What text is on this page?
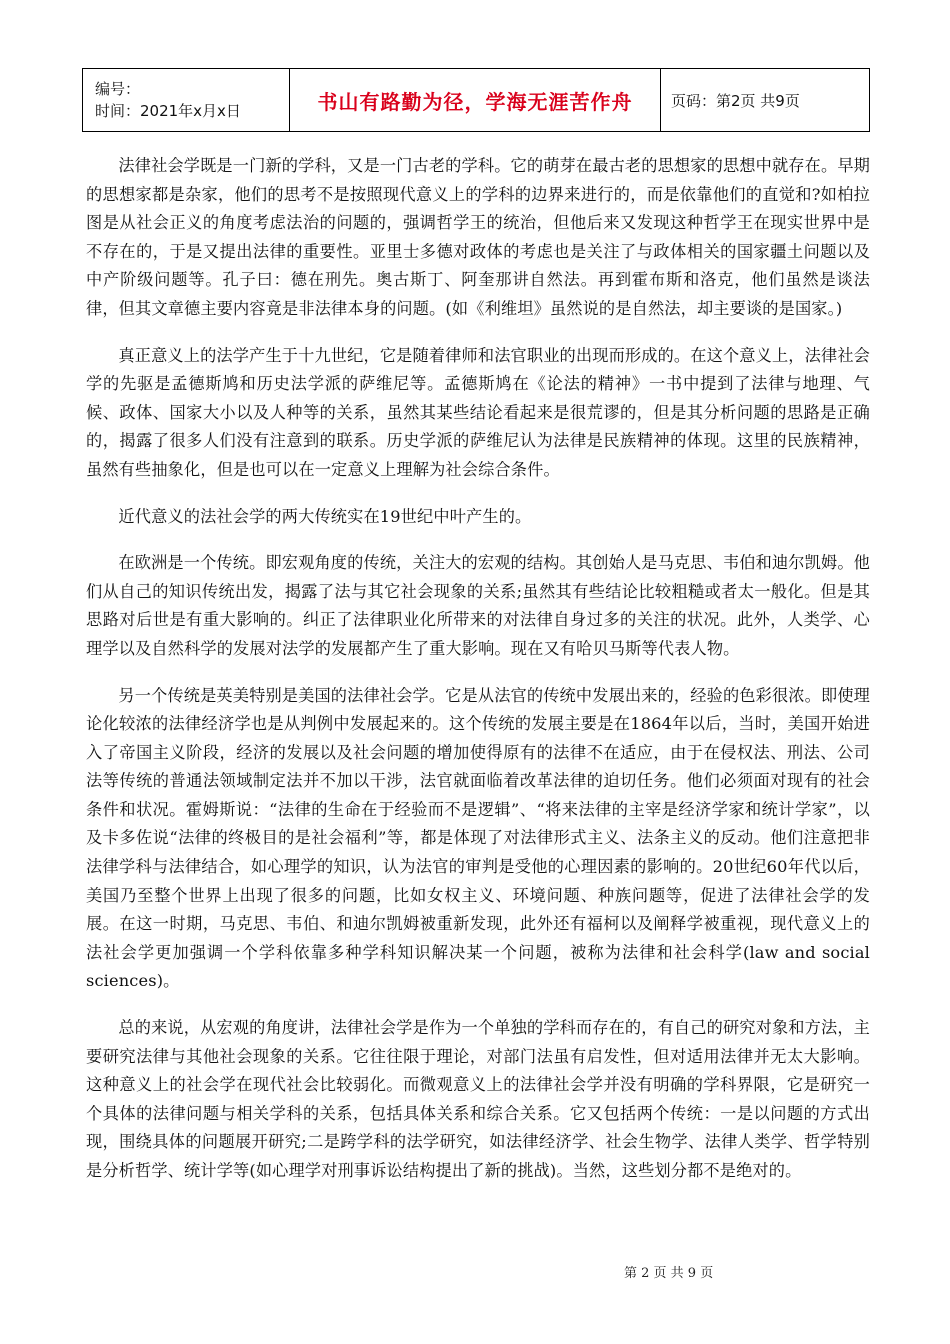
编号：
时间：2021年x月x日	书山有路勤为径，学海无涯苦作舟	页码：第2页 共9页

法律社会学既是一门新的学科，又是一门古老的学科。它的萌芽在最古老的思想家的思想中就存在。早期的思想家都是杂家，他们的思考不是按照现代意义上的学科的边界来进行的，而是依靠他们的直觉和?如柏拉图是从社会正义的角度考虑法治的问题的，强调哲学王的统治，但他后来又发现这种哲学王在现实世界中是不存在的，于是又提出法律的重要性。亚里士多德对政体的考虑也是关注了与政体相关的国家疆土问题以及中产阶级问题等。孔子曰：德在刑先。奥古斯丁、阿奎那讲自然法。再到霍布斯和洛克，他们虽然是谈法律，但其文章德主要内容竟是非法律本身的问题。(如《利维坦》虽然说的是自然法，却主要谈的是国家。)

真正意义上的法学产生于十九世纪，它是随着律师和法官职业的出现而形成的。在这个意义上，法律社会学的先驱是孟德斯鸠和历史法学派的萨维尼等。孟德斯鸠在《论法的精神》一书中提到了法律与地理、气候、政体、国家大小以及人种等的关系，虽然其某些结论看起来是很荒谬的，但是其分析问题的思路是正确的，揭露了很多人们没有注意到的联系。历史学派的萨维尼认为法律是民族精神的体现。这里的民族精神，虽然有些抽象化，但是也可以在一定意义上理解为社会综合条件。

近代意义的法社会学的两大传统实在19世纪中叶产生的。

在欧洲是一个传统。即宏观角度的传统，关注大的宏观的结构。其创始人是马克思、韦伯和迪尔凯姆。他们从自己的知识传统出发，揭露了法与其它社会现象的关系;虽然其有些结论比较粗糙或者太一般化。但是其思路对后世是有重大影响的。纠正了法律职业化所带来的对法律自身过多的关注的状况。此外，人类学、心理学以及自然科学的发展对法学的发展都产生了重大影响。现在又有哈贝马斯等代表人物。

另一个传统是英美特别是美国的法律社会学。它是从法官的传统中发展出来的，经验的色彩很浓。即使理论化较浓的法律经济学也是从判例中发展起来的。这个传统的发展主要是在1864年以后，当时，美国开始进入了帝国主义阶段，经济的发展以及社会问题的增加使得原有的法律不在适应，由于在侵权法、刑法、公司法等传统的普通法领域制定法并不加以干涉，法官就面临着改革法律的迫切任务。他们必须面对现有的社会条件和状况。霍姆斯说：“法律的生命在于经验而不是逻辑”、“将来法律的主宰是经济学家和统计学家”，以及卡多佐说“法律的终极目的是社会福利”等，都是体现了对法律形式主义、法条主义的反动。他们注意把非法律学科与法律结合，如心理学的知识，认为法官的审判是受他的心理因素的影响的。20世纪60年代以后，美国乃至整个世界上出现了很多的问题，比如女权主义、环境问题、种族问题等，促进了法律社会学的发展。在这一时期，马克思、韦伯、和迪尔凯姆被重新发现，此外还有福柯以及阐释学被重视，现代意义上的法社会学更加强调一个学科依靠多种学科知识解决某一个问题，被称为法律和社会科学(law and social sciences)。

总的来说，从宏观的角度讲，法律社会学是作为一个单独的学科而存在的，有自己的研究对象和方法，主要研究法律与其他社会现象的关系。它往往限于理论，对部门法虽有启发性，但对适用法律并无太大影响。这种意义上的社会学在现代社会比较弱化。而微观意义上的法律社会学并没有明确的学科界限，它是研究一个具体的法律问题与相关学科的关系，包括具体关系和综合关系。它又包括两个传统：一是以问题的方式出现，围绕具体的问题展开研究;二是跨学科的法学研究，如法律经济学、社会生物学、法律人类学、哲学特别是分析哲学、统计学等(如心理学对刑事诉讼结构提出了新的挑战)。当然，这些划分都不是绝对的。

第 2 页 共 9 页
